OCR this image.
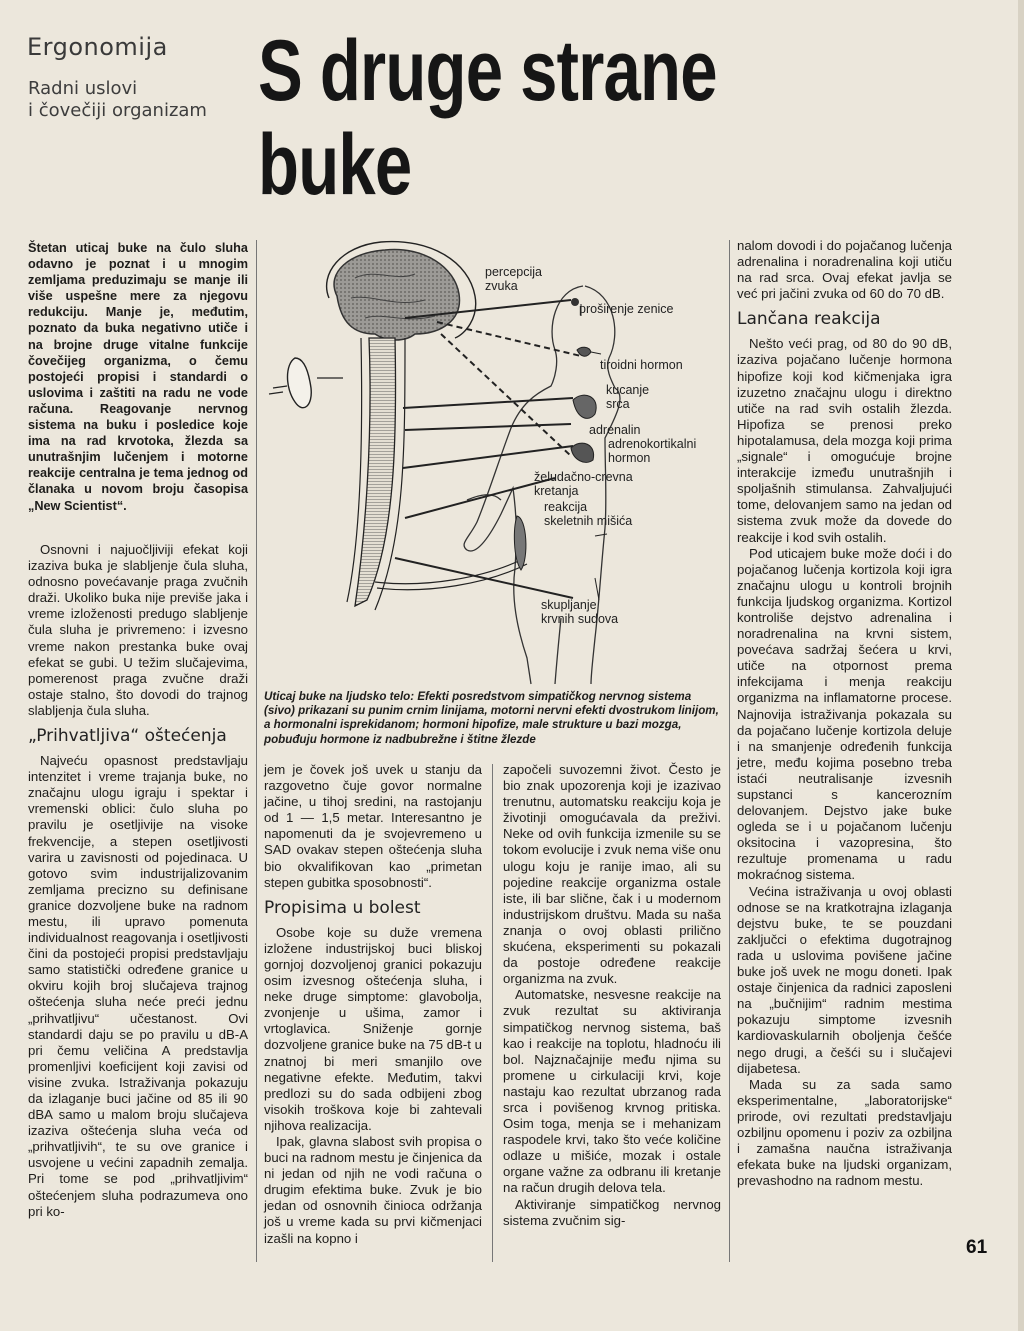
Ergonomija
Radni uslovi
i čovečiji organizam S druge strane
buke
Štetan uticaj buke na čulo sluha odavno je poznat i u mnogim zemljama preduzimaju se manje ili više uspešne mere za njegovu redukciju. Manje je, međutim, poznato da buka negativno utiče i na brojne druge vitalne funkcije čovečijeg organizma, o čemu postojeći propisi i standardi o uslovima i zaštiti na radu ne vode računa. Reagovanje nervnog sistema na buku i posledice koje ima na rad krvotoka, žlezda sa unutrašnjim lučenjem i motorne reakcije centralna je tema jednog od članaka u novom broju časopisa „New Scientist“.

Osnovni i najuočljiviji efekat koji izaziva buka je slabljenje čula sluha, odnosno povećavanje praga zvučnih draži. Ukoliko buka nije previše jaka i vreme izloženosti predugo slabljenje čula sluha je privremeno: i izvesno vreme nakon prestanka buke ovaj efekat se gubi. U težim slučajevima, pomerenost praga zvučne draži ostaje stalno, što dovodi do trajnog slabljenja čula sluha.

„Prihvatljiva“ oštećenja

Najveću opasnost predstavljaju intenzitet i vreme trajanja buke, no značajnu ulogu igraju i spektar i vremenski oblici: čulo sluha po pravilu je osetljivije na visoke frekvencije, a stepen osetljivosti varira u zavisnosti od pojedinaca. U gotovo svim industrijalizovanim zemljama precizno su definisane granice dozvoljene buke na radnom mestu, ili upravo pomenuta individualnost reagovanja i osetljivosti čini da postojeći propisi predstavljaju samo statistički određene granice u okviru kojih broj slučajeva trajnog oštećenja sluha neće preći jednu „prihvatljivu“ učestanost. Ovi standardi daju se po pravilu u dB-A pri čemu veličina A predstavlja promenljivi koeficijent koji zavisi od visine zvuka. Istraživanja pokazuju da izlaganje buci jačine od 85 ili 90 dBA samo u malom broju slučajeva izaziva oštećenja sluha veća od „prihvatljivih“, te su ove granice i usvojene u većini zapadnih zemalja. Pri tome se pod „prihvatljivim“ oštećenjem sluha podrazumeva ono pri ko-

percepcija
zvuka
proširenje zenice
tiroidni hormon
kucanje
srca
adrenalin
adrenokortikalni
hormon
želudačno-crevna
kretanja
reakcija
skeletnih mišića
skupljanje
krvnih sudova
Uticaj buke na ljudsko telo: Efekti posredstvom simpatičkog nervnog sistema (sivo) prikazani su punim crnim linijama, motorni nervni efekti dvostrukom linijom, a hormonalni isprekidanom; hormoni hipofize, male strukture u bazi mozga, pobuđuju hormone iz nadbubrežne i štitne žlezde

jem je čovek još uvek u stanju da razgovetno čuje govor normalne jačine, u tihoj sredini, na rastojanju od 1 — 1,5 metar. Interesantno je napomenuti da je svojevremeno u SAD ovakav stepen oštećenja sluha bio okvalifikovan kao „primetan stepen gubitka sposobnosti“.

Propisima u bolest

Osobe koje su duže vremena izložene industrijskoj buci bliskoj gornjoj dozvoljenoj granici pokazuju osim izvesnog oštećenja sluha, i neke druge simptome: glavobolja, zvonjenje u ušima, zamor i vrtoglavica. Sniženje gornje dozvoljene granice buke na 75 dB-t u znatnoj bi meri smanjilo ove negativne efekte. Međutim, takvi predlozi su do sada odbijeni zbog visokih troškova koje bi zahtevali njihova realizacija.

Ipak, glavna slabost svih propisa o buci na radnom mestu je činjenica da ni jedan od njih ne vodi računa o drugim efektima buke. Zvuk je bio jedan od osnovnih činioca održanja još u vreme kada su prvi kičmenjaci izašli na kopno i

započeli suvozemni život. Često je bio znak upozorenja koji je izazivao trenutnu, automatsku reakciju koja je životinji omogućavala da preživi. Neke od ovih funkcija izmenile su se tokom evolucije i zvuk nema više onu ulogu koju je ranije imao, ali su pojedine reakcije organizma ostale iste, ili bar slične, čak i u modernom industrijskom društvu. Mada su naša znanja o ovoj oblasti prilično skućena, eksperimenti su pokazali da postoje određene reakcije organizma na zvuk.

Automatske, nesvesne reakcije na zvuk rezultat su aktiviranja simpatičkog nervnog sistema, baš kao i reakcije na toplotu, hladnoću ili bol. Najznačajnije među njima su promene u cirkulaciji krvi, koje nastaju kao rezultat ubrzanog rada srca i povišenog krvnog pritiska. Osim toga, menja se i mehanizam raspodele krvi, tako što veće količine odlaze u mišiće, mozak i ostale organe važne za odbranu ili kretanje na račun drugih delova tela.

Aktiviranje simpatičkog nervnog sistema zvučnim sig-

nalom dovodi i do pojačanog lučenja adrenalina i noradrenalina koji utiču na rad srca. Ovaj efekat javlja se već pri jačini zvuka od 60 do 70 dB.

Lančana reakcija

Nešto veći prag, od 80 do 90 dB, izaziva pojačano lučenje hormona hipofize koji kod kičmenjaka igra izuzetno značajnu ulogu i direktno utiče na rad svih ostalih žlezda. Hipofiza se prenosi preko hipotalamusa, dela mozga koji prima „signale“ i omogućuje brojne interakcije između unutrašnjih i spoljašnih stimulansa. Zahvaljujući tome, delovanjem samo na jedan od sistema zvuk može da dovede do reakcije i kod svih ostalih.

Pod uticajem buke može doći i do pojačanog lučenja kortizola koji igra značajnu ulogu u kontroli brojnih funkcija ljudskog organizma. Kortizol kontroliše dejstvo adrenalina i noradrenalina na krvni sistem, povećava sadržaj šećera u krvi, utiče na otpornost prema infekcijama i menja reakciju organizma na inflamatorne procese. Najnovija istraživanja pokazala su da pojačano lučenje kortizola deluje i na smanjenje određenih funkcija jetre, među kojima posebno treba istaći neutralisanje izvesnih supstanci s kancerozním delovanjem. Dejstvo jake buke ogleda se i u pojačanom lučenju oksitocina i vazopresina, što rezultuje promenama u radu mokraćnog sistema.

Većina istraživanja u ovoj oblasti odnose se na kratkotrajna izlaganja dejstvu buke, te se pouzdani zaključci o efektima dugotrajnog rada u uslovima povišene jačine buke još uvek ne mogu doneti. Ipak ostaje činjenica da radnici zaposleni na „bučnijim“ radnim mestima pokazuju simptome izvesnih kardiovaskularnih oboljenja češće nego drugi, a češći su i slučajevi dijabetesa.

Mada su za sada samo eksperimentalne, „laboratorijske“ prirode, ovi rezultati predstavljaju ozbiljnu opomenu i poziv za ozbiljna i zamašna naučna istraživanja efekata buke na ljudski organizam, prevashodno na radnom mestu.

61
